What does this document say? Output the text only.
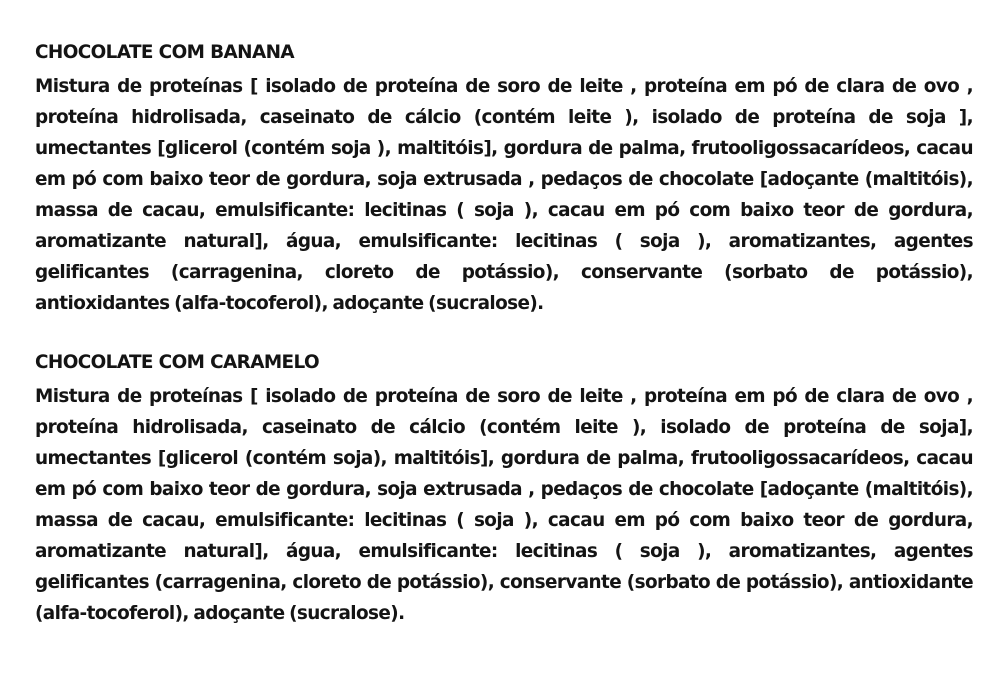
CHOCOLATE COM BANANA

Mistura de proteínas [ isolado de proteína de soro de leite , proteína em pó de clara de ovo , proteína hidrolisada, caseinato de cálcio (contém leite ), isolado de proteína de soja ], umectantes [glicerol (contém soja ), maltitóis], gordura de palma, frutooligossacarídeos, cacau em pó com baixo teor de gordura, soja extrusada , pedaços de chocolate [adoçante (maltitóis), massa de cacau, emulsificante: lecitinas ( soja ), cacau em pó com baixo teor de gordura, aromatizante natural], água, emulsificante: lecitinas ( soja ), aromatizantes, agentes gelificantes (carragenina, cloreto de potássio), conservante (sorbato de potássio), antioxidantes (alfa-tocoferol), adoçante (sucralose).

CHOCOLATE COM CARAMELO

Mistura de proteínas [ isolado de proteína de soro de leite , proteína em pó de clara de ovo , proteína hidrolisada, caseinato de cálcio (contém leite ), isolado de proteína de soja], umectantes [glicerol (contém soja), maltitóis], gordura de palma, frutooligossacarídeos, cacau em pó com baixo teor de gordura, soja extrusada , pedaços de chocolate [adoçante (maltitóis), massa de cacau, emulsificante: lecitinas ( soja ), cacau em pó com baixo teor de gordura, aromatizante natural], água, emulsificante: lecitinas ( soja ), aromatizantes, agentes gelificantes (carragenina, cloreto de potássio), conservante (sorbato de potássio), antioxidante (alfa-tocoferol), adoçante (sucralose).
